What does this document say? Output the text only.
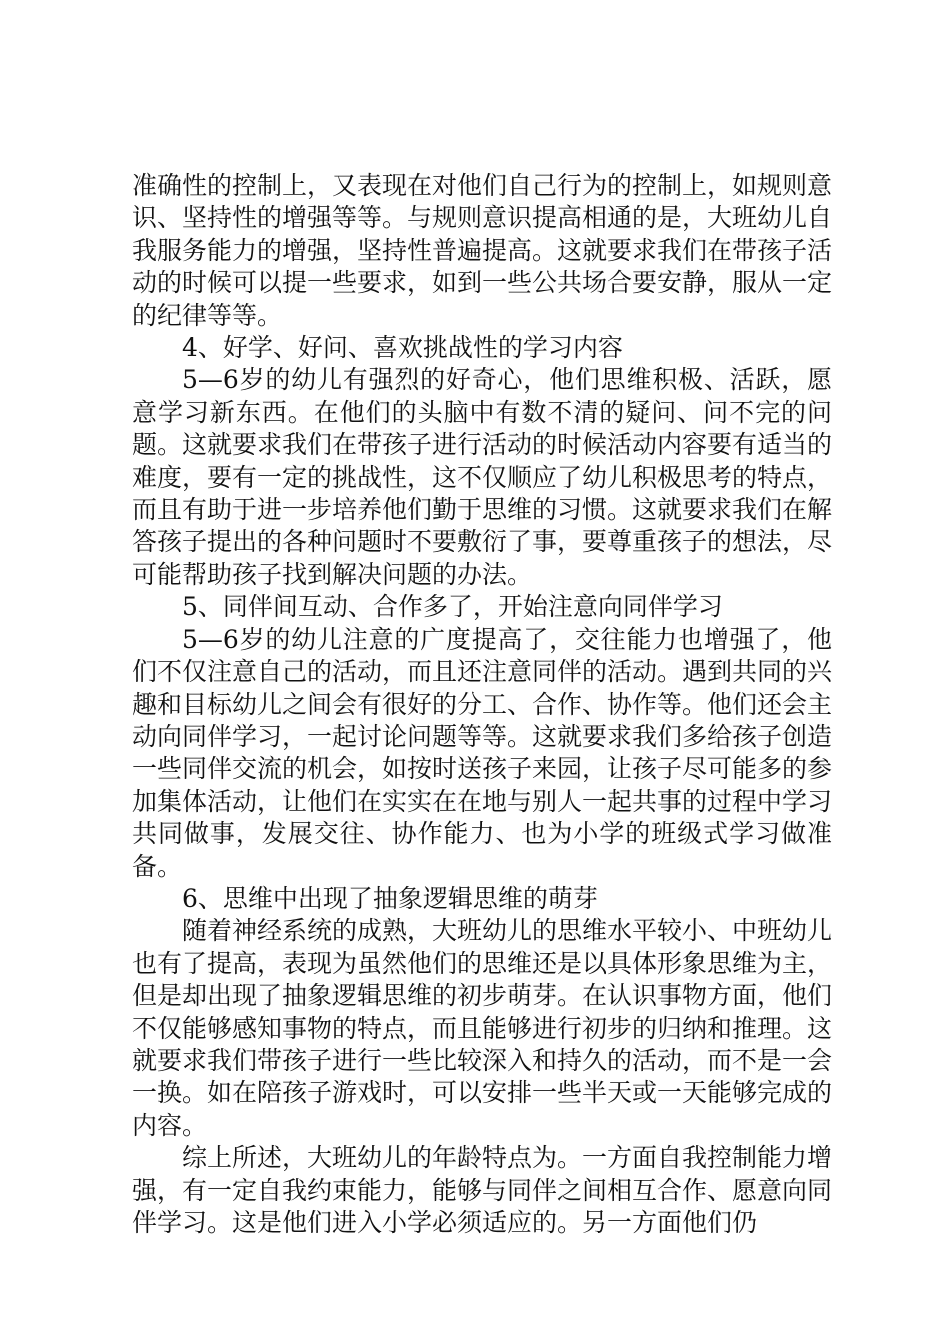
准确性的控制上，又表现在对他们自己行为的控制上，如规则意识、坚持性的增强等等。与规则意识提高相通的是，大班幼儿自我服务能力的增强，坚持性普遍提高。这就要求我们在带孩子活动的时候可以提一些要求，如到一些公共场合要安静，服从一定的纪律等等。

4、好学、好问、喜欢挑战性的学习内容

5—6岁的幼儿有强烈的好奇心，他们思维积极、活跃，愿意学习新东西。在他们的头脑中有数不清的疑问、问不完的问题。这就要求我们在带孩子进行活动的时候活动内容要有适当的难度，要有一定的挑战性，这不仅顺应了幼儿积极思考的特点，而且有助于进一步培养他们勤于思维的习惯。这就要求我们在解答孩子提出的各种问题时不要敷衍了事，要尊重孩子的想法，尽可能帮助孩子找到解决问题的办法。

5、同伴间互动、合作多了，开始注意向同伴学习

5—6岁的幼儿注意的广度提高了，交往能力也增强了，他们不仅注意自己的活动，而且还注意同伴的活动。遇到共同的兴趣和目标幼儿之间会有很好的分工、合作、协作等。他们还会主动向同伴学习，一起讨论问题等等。这就要求我们多给孩子创造一些同伴交流的机会，如按时送孩子来园，让孩子尽可能多的参加集体活动，让他们在实实在在地与别人一起共事的过程中学习共同做事，发展交往、协作能力、也为小学的班级式学习做准备。

6、思维中出现了抽象逻辑思维的萌芽

随着神经系统的成熟，大班幼儿的思维水平较小、中班幼儿也有了提高，表现为虽然他们的思维还是以具体形象思维为主，但是却出现了抽象逻辑思维的初步萌芽。在认识事物方面，他们不仅能够感知事物的特点，而且能够进行初步的归纳和推理。这就要求我们带孩子进行一些比较深入和持久的活动，而不是一会一换。如在陪孩子游戏时，可以安排一些半天或一天能够完成的内容。

综上所述，大班幼儿的年龄特点为。一方面自我控制能力增强，有一定自我约束能力，能够与同伴之间相互合作、愿意向同伴学习。这是他们进入小学必须适应的。另一方面他们仍
